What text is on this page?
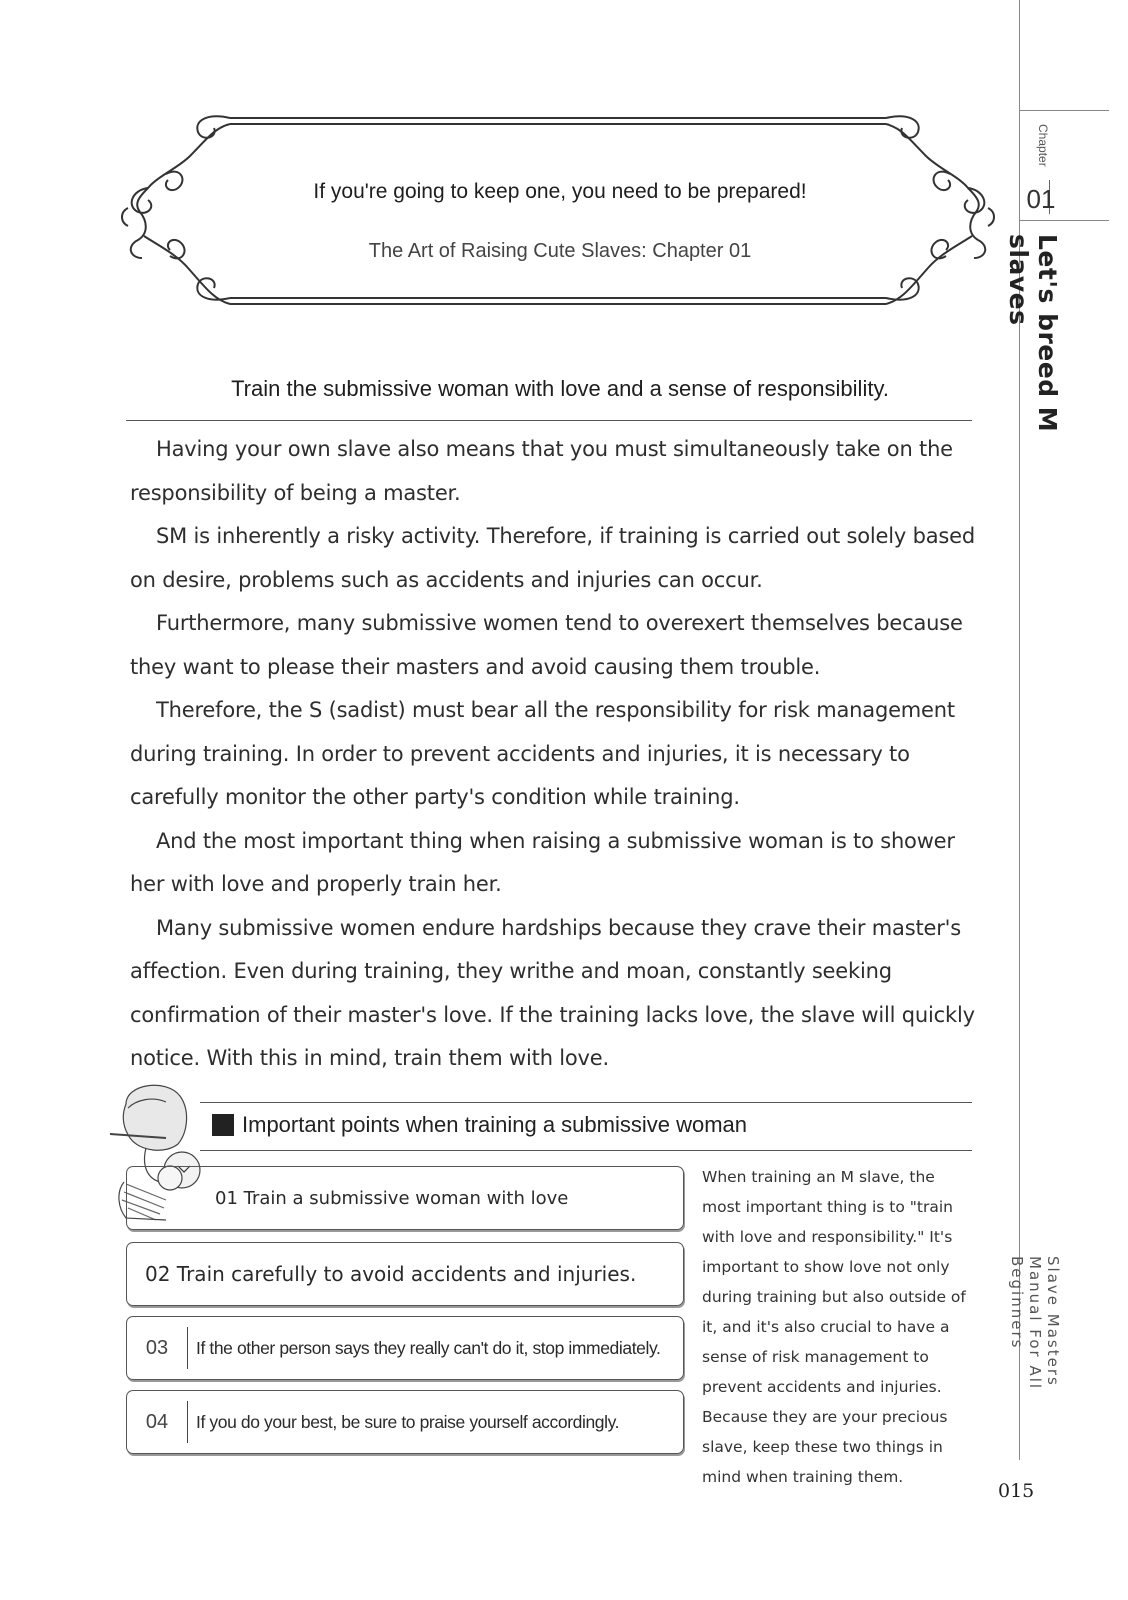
If you're going to keep one, you need to be prepared!
The Art of Raising Cute Slaves: Chapter 01
Train the submissive woman with love and a sense of responsibility.

Having your own slave also means that you must simultaneously take on the responsibility of being a master.

SM is inherently a risky activity. Therefore, if training is carried out solely based on desire, problems such as accidents and injuries can occur.

Furthermore, many submissive women tend to overexert themselves because they want to please their masters and avoid causing them trouble.

Therefore, the S (sadist) must bear all the responsibility for risk management during training. In order to prevent accidents and injuries, it is necessary to carefully monitor the other party's condition while training.

And the most important thing when raising a submissive woman is to shower her with love and properly train her.

Many submissive women endure hardships because they crave their master's affection. Even during training, they writhe and moan, constantly seeking confirmation of their master's love. If the training lacks love, the slave will quickly notice. With this in mind, train them with love.

Important points when training a submissive woman
01 Train a submissive woman with love
02 Train carefully to avoid accidents and injuries.
03	If the other person says they really can't do it, stop immediately.
04	If you do your best, be sure to praise yourself accordingly.
When training an M slave, the most important thing is to "train with love and responsibility." It's important to show love not only during training but also outside of it, and it's also crucial to have a sense of risk management to prevent accidents and injuries. Because they are your precious slave, keep these two things in mind when training them.
Chapter
01
Let's breed M slaves
Slave Masters Manual For All Beginners
015
